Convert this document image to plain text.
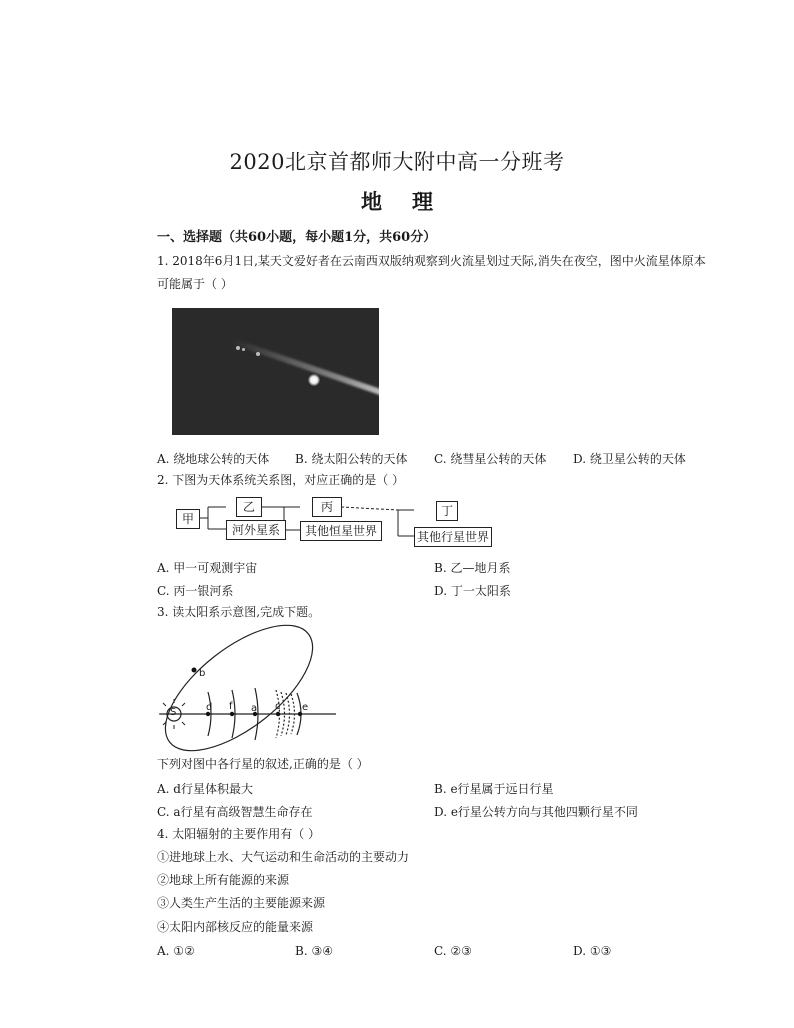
2020北京首都师大附中高一分班考
地理
一、选择题（共60小题，每小题1分，共60分）
1. 2018年6月1日,某天文爱好者在云南西双版纳观察到火流星划过天际,消失在夜空，图中火流星体原本
可能属于（ ）
A. 绕地球公转的天体 B. 绕太阳公转的天体 C. 绕彗星公转的天体 D. 绕卫星公转的天体
2. 下图为天体系统关系图，对应正确的是（ ）
甲
乙
河外星系
丙
其他恒星世界
丁
其他行星世界
A. 甲一可观测宇宙	B. 乙—地月系
C. 丙一银河系	D. 丁一太阳系
3. 读太阳系示意图,完成下题。
S
b
d f a c e
下列对图中各行星的叙述,正确的是（ ）
A. d行星体积最大	B. e行星属于远日行星
C. a行星有高级智慧生命存在	D. e行星公转方向与其他四颗行星不同
4. 太阳辐射的主要作用有（ ）
①进地球上水、大气运动和生命活动的主要动力
②地球上所有能源的来源
③人类生产生活的主要能源来源
④太阳内部核反应的能量来源
A. ①②	B. ③④	C. ②③	D. ①③
